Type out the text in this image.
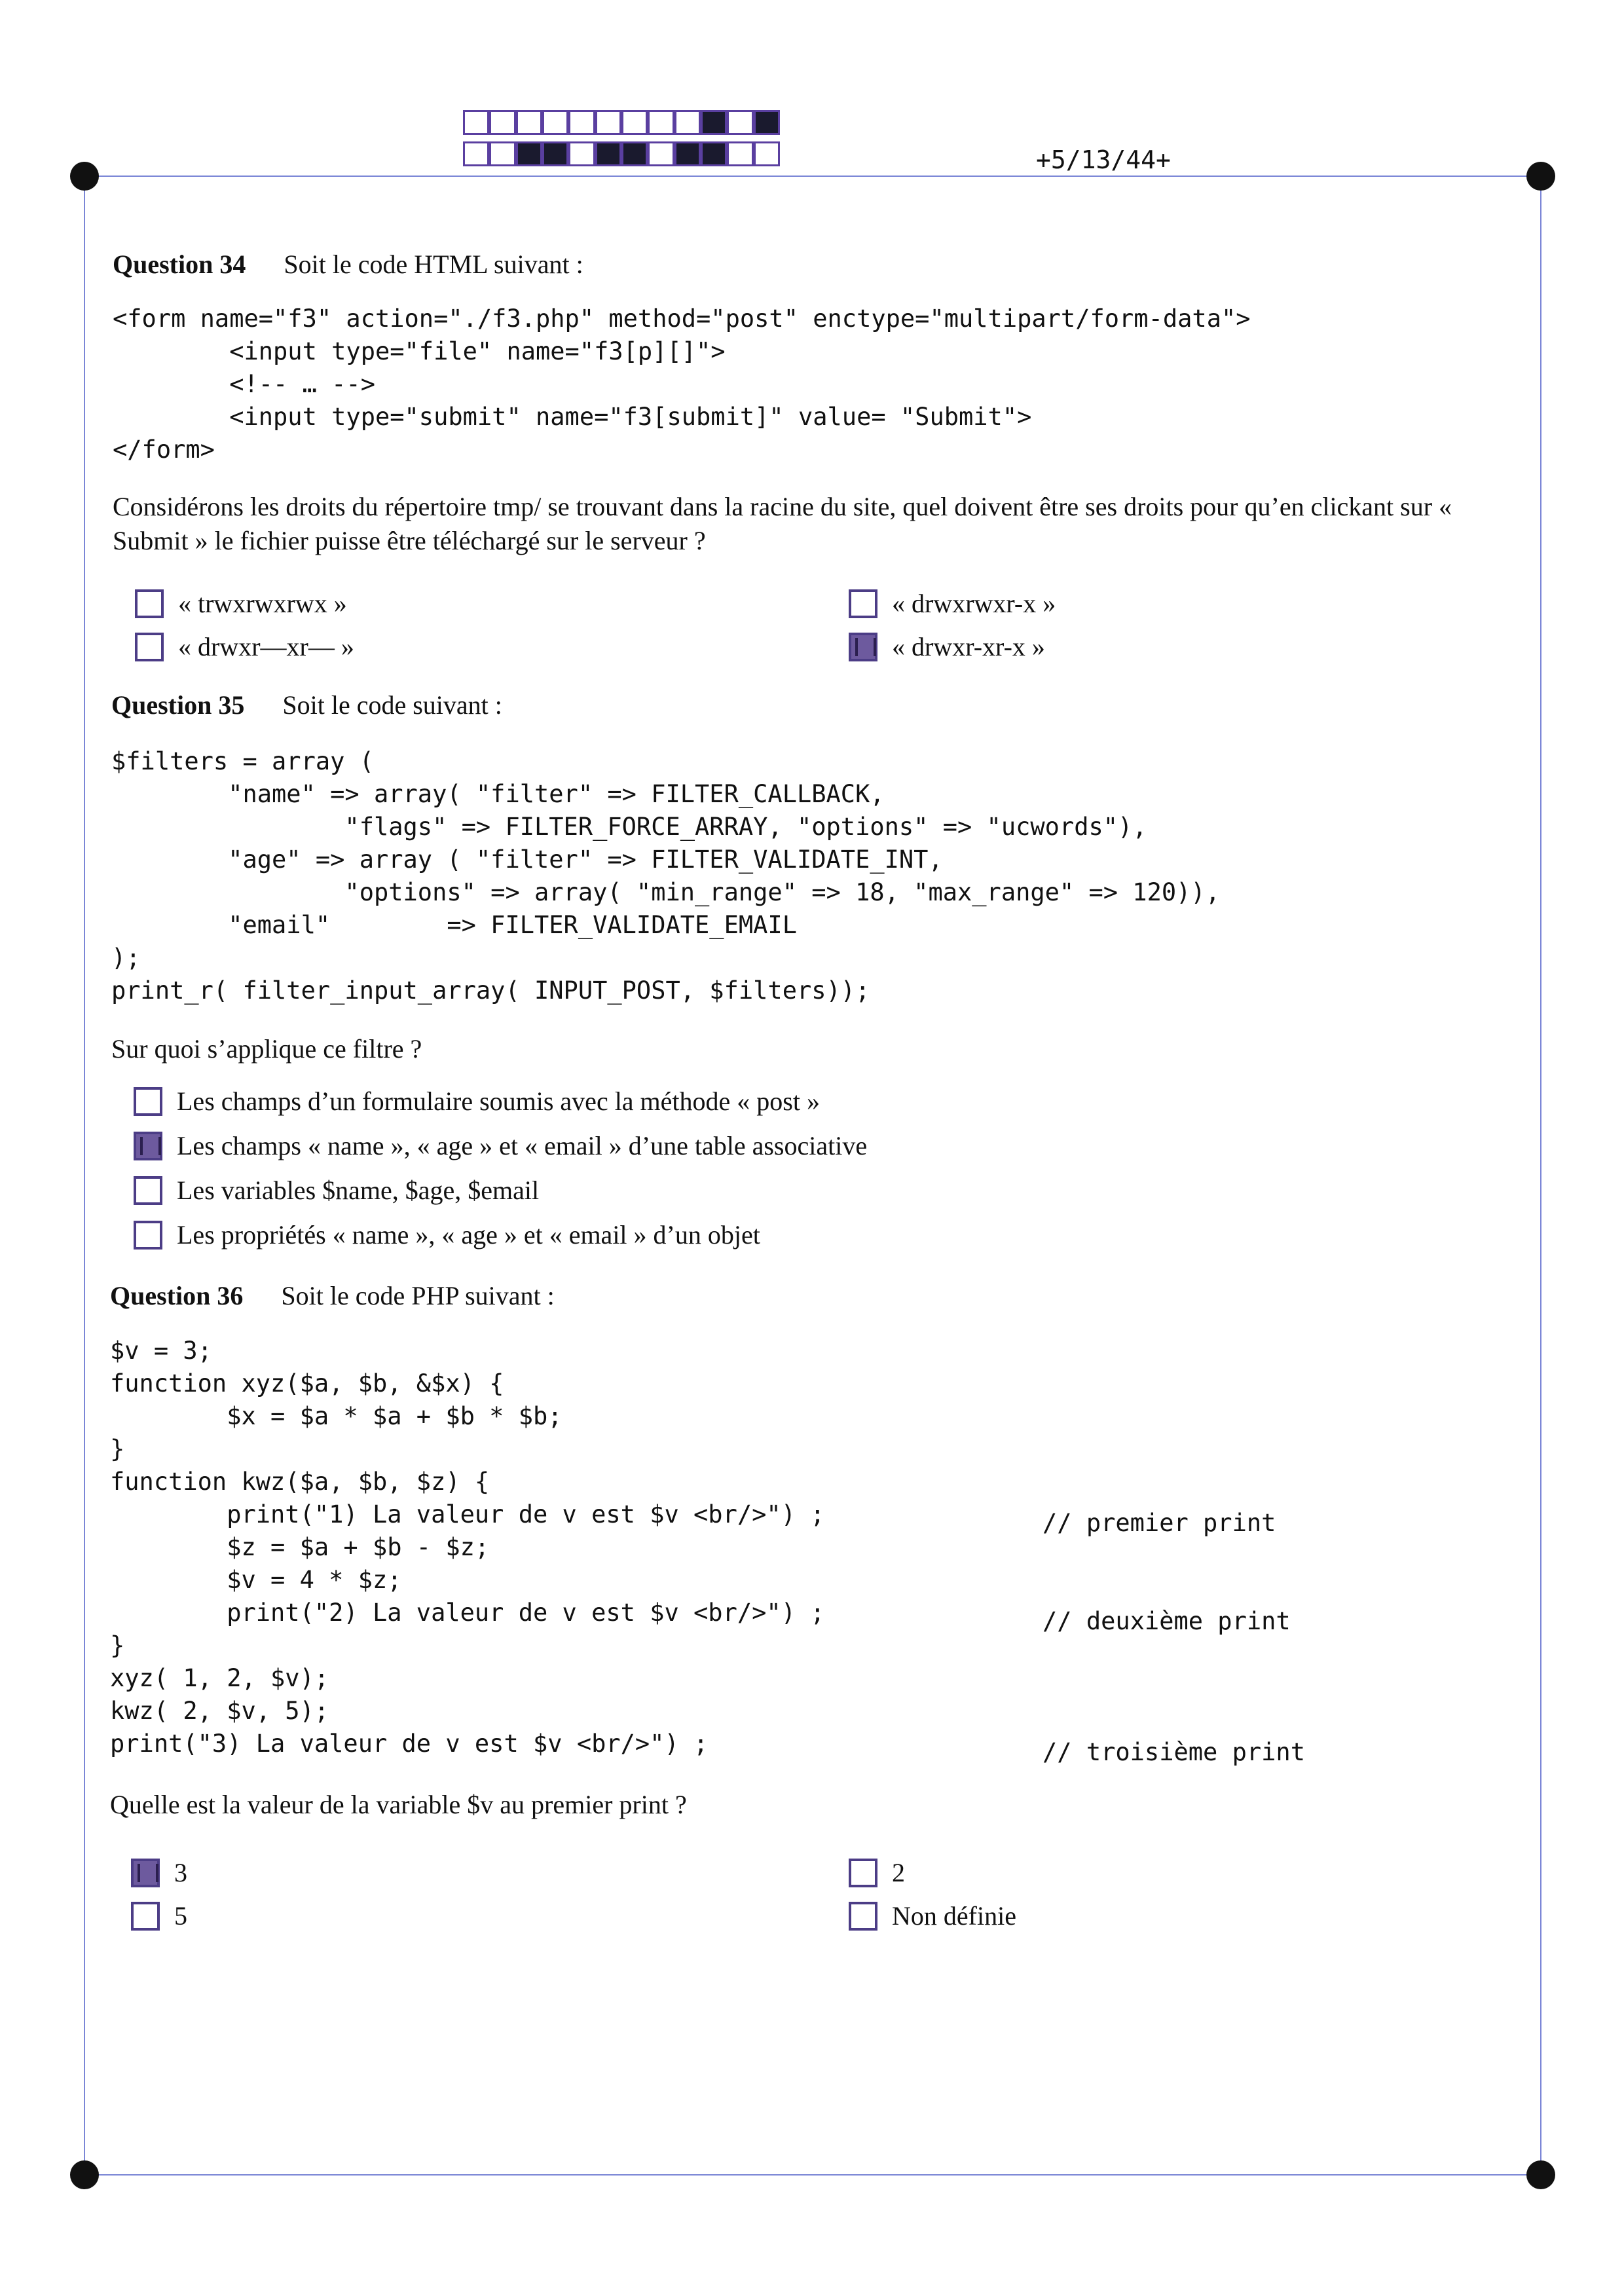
+5/13/44+
Question 34 Soit le code HTML suivant :
<form name="f3" action="./f3.php" method="post" enctype="multipart/form-data">
<input type="file" name="f3[p][]">
<!-- … -->
<input type="submit" name="f3[submit]" value= "Submit">
</form>
Considérons les droits du répertoire tmp/ se trouvant dans la racine du site, quel doivent être ses droits pour qu’en clickant sur « Submit » le fichier puisse être téléchargé sur le serveur ?
« trwxrwxrwx »	« drwxrwxr-x »
« drwxr—xr— »	« drwxr-xr-x »
Question 35 Soit le code suivant :
$filters = array (
"name" => array( "filter" => FILTER_CALLBACK,
"flags" => FILTER_FORCE_ARRAY, "options" => "ucwords"),
"age" => array ( "filter" => FILTER_VALIDATE_INT,
"options" => array( "min_range" => 18, "max_range" => 120)),
"email"        => FILTER_VALIDATE_EMAIL
);
print_r( filter_input_array( INPUT_POST, $filters));
Sur quoi s’applique ce filtre ?
Les champs d’un formulaire soumis avec la méthode « post »
Les champs « name », « age » et « email » d’une table associative
Les variables $name, $age, $email
Les propriétés « name », « age » et « email » d’un objet
Question 36 Soit le code PHP suivant :
$v = 3;
function xyz($a, $b, &$x) {
$x = $a * $a + $b * $b;
}
function kwz($a, $b, $z) {
print("1) La valeur de v est $v <br/>") ;
$z = $a + $b - $z;
$v = 4 * $z;
print("2) La valeur de v est $v <br/>") ;
}
xyz( 1, 2, $v);
kwz( 2, $v, 5);
print("3) La valeur de v est $v <br/>") ;
// premier print
// deuxième print
// troisième print
Quelle est la valeur de la variable $v au premier print ?
3	2
5	Non définie
